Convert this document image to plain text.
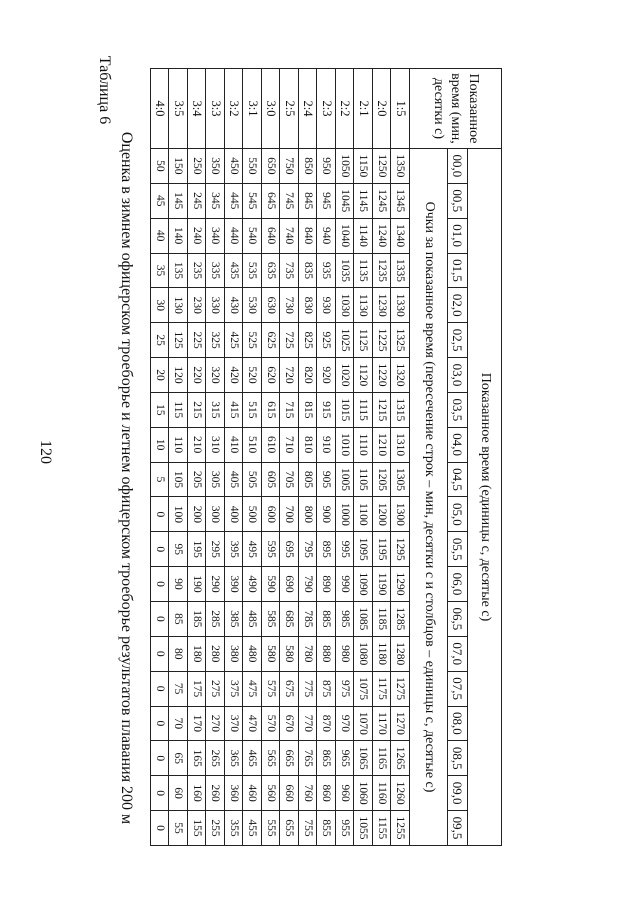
120
Таблица 6
Оценка в зимнем офицерском троеборье и летнем офицерском троеборье результатов плавания 200 м
Показанное время (мин, десятки с)	Показанное время (единицы с, десятые с)																			
	00,0	00,5	01,0	01,5	02,0	02,5	03,0	03,5	04,0	04,5	05,0	05,5	06,0	06,5	07,0	07,5	08,0	08,5	09,0	09,5
	Очки за показанное время (пересечение строк – мин, десятки с и столбцов – единицы с, десятые с)																			
1:5	1350	1345	1340	1335	1330	1325	1320	1315	1310	1305	1300	1295	1290	1285	1280	1275	1270	1265	1260	1255
2:0	1250	1245	1240	1235	1230	1225	1220	1215	1210	1205	1200	1195	1190	1185	1180	1175	1170	1165	1160	1155
2:1	1150	1145	1140	1135	1130	1125	1120	1115	1110	1105	1100	1095	1090	1085	1080	1075	1070	1065	1060	1055
2:2	1050	1045	1040	1035	1030	1025	1020	1015	1010	1005	1000	995	990	985	980	975	970	965	960	955
2:3	950	945	940	935	930	925	920	915	910	905	900	895	890	885	880	875	870	865	860	855
2:4	850	845	840	835	830	825	820	815	810	805	800	795	790	785	780	775	770	765	760	755
2:5	750	745	740	735	730	725	720	715	710	705	700	695	690	685	580	675	670	665	660	655
3:0	650	645	640	635	630	625	620	615	610	605	600	595	590	585	580	575	570	565	560	555
3:1	550	545	540	535	530	525	520	515	510	505	500	495	490	485	480	475	470	465	460	455
3:2	450	445	440	435	430	425	420	415	410	405	400	395	390	385	380	375	370	365	360	355
3:3	350	345	340	335	330	325	320	315	310	305	300	295	290	285	280	275	270	265	260	255
3:4	250	245	240	235	230	225	220	215	210	205	200	195	190	185	180	175	170	165	160	155
3:5	150	145	140	135	130	125	120	115	110	105	100	95	90	85	80	75	70	65	60	55
4:0	50	45	40	35	30	25	20	15	10	5	0	0	0	0	0	0	0	0	0	0
